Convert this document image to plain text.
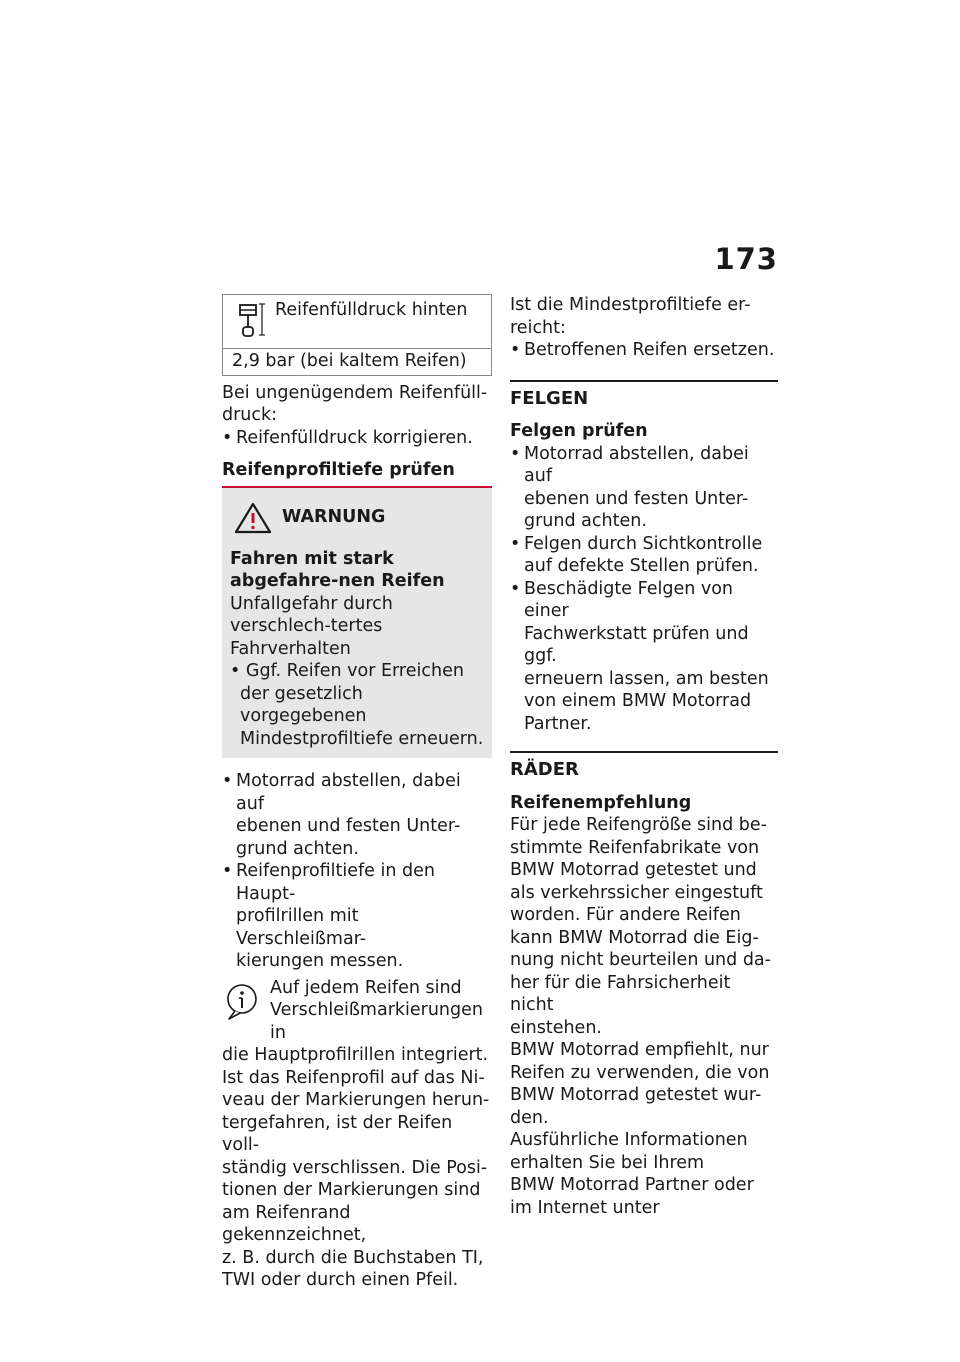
173
Reifenfülldruck hinten
2,9 bar (bei kaltem Reifen)

Bei ungenügendem Reifenfüll-druck:

• Reifenfülldruck korrigieren.

Reifenprofiltiefe prüfen

WARNUNG

Fahren mit stark abgefahre-nen Reifen

Unfallgefahr durch verschlech-tertes Fahrverhalten

• Ggf. Reifen vor Erreichen

der gesetzlich vorgegebenen

Mindestprofiltiefe erneuern.

• Motorrad abstellen, dabei auf

ebenen und festen Unter-

grund achten.

• Reifenprofiltiefe in den Haupt-

profilrillen mit Verschleißmar-

kierungen messen.

Auf jedem Reifen sind

Verschleißmarkierungen in

die Hauptprofilrillen integriert.

Ist das Reifenprofil auf das Ni-

veau der Markierungen herun-

tergefahren, ist der Reifen voll-

ständig verschlissen. Die Posi-

tionen der Markierungen sind

am Reifenrand gekennzeichnet,

z. B. durch die Buchstaben TI,

TWI oder durch einen Pfeil.

Ist die Mindestprofiltiefe er-

reicht:

• Betroffenen Reifen ersetzen.

FELGEN

Felgen prüfen

• Motorrad abstellen, dabei auf

ebenen und festen Unter-

grund achten.

• Felgen durch Sichtkontrolle

auf defekte Stellen prüfen.

• Beschädigte Felgen von einer

Fachwerkstatt prüfen und ggf.

erneuern lassen, am besten

von einem BMW Motorrad

Partner.

RÄDER

Reifenempfehlung

Für jede Reifengröße sind be-

stimmte Reifenfabrikate von

BMW Motorrad getestet und

als verkehrssicher eingestuft

worden. Für andere Reifen

kann BMW Motorrad die Eig-

nung nicht beurteilen und da-

her für die Fahrsicherheit nicht

einstehen.

BMW Motorrad empfiehlt, nur

Reifen zu verwenden, die von

BMW Motorrad getestet wur-

den.

Ausführliche Informationen

erhalten Sie bei Ihrem

BMW Motorrad Partner oder

im Internet unter
